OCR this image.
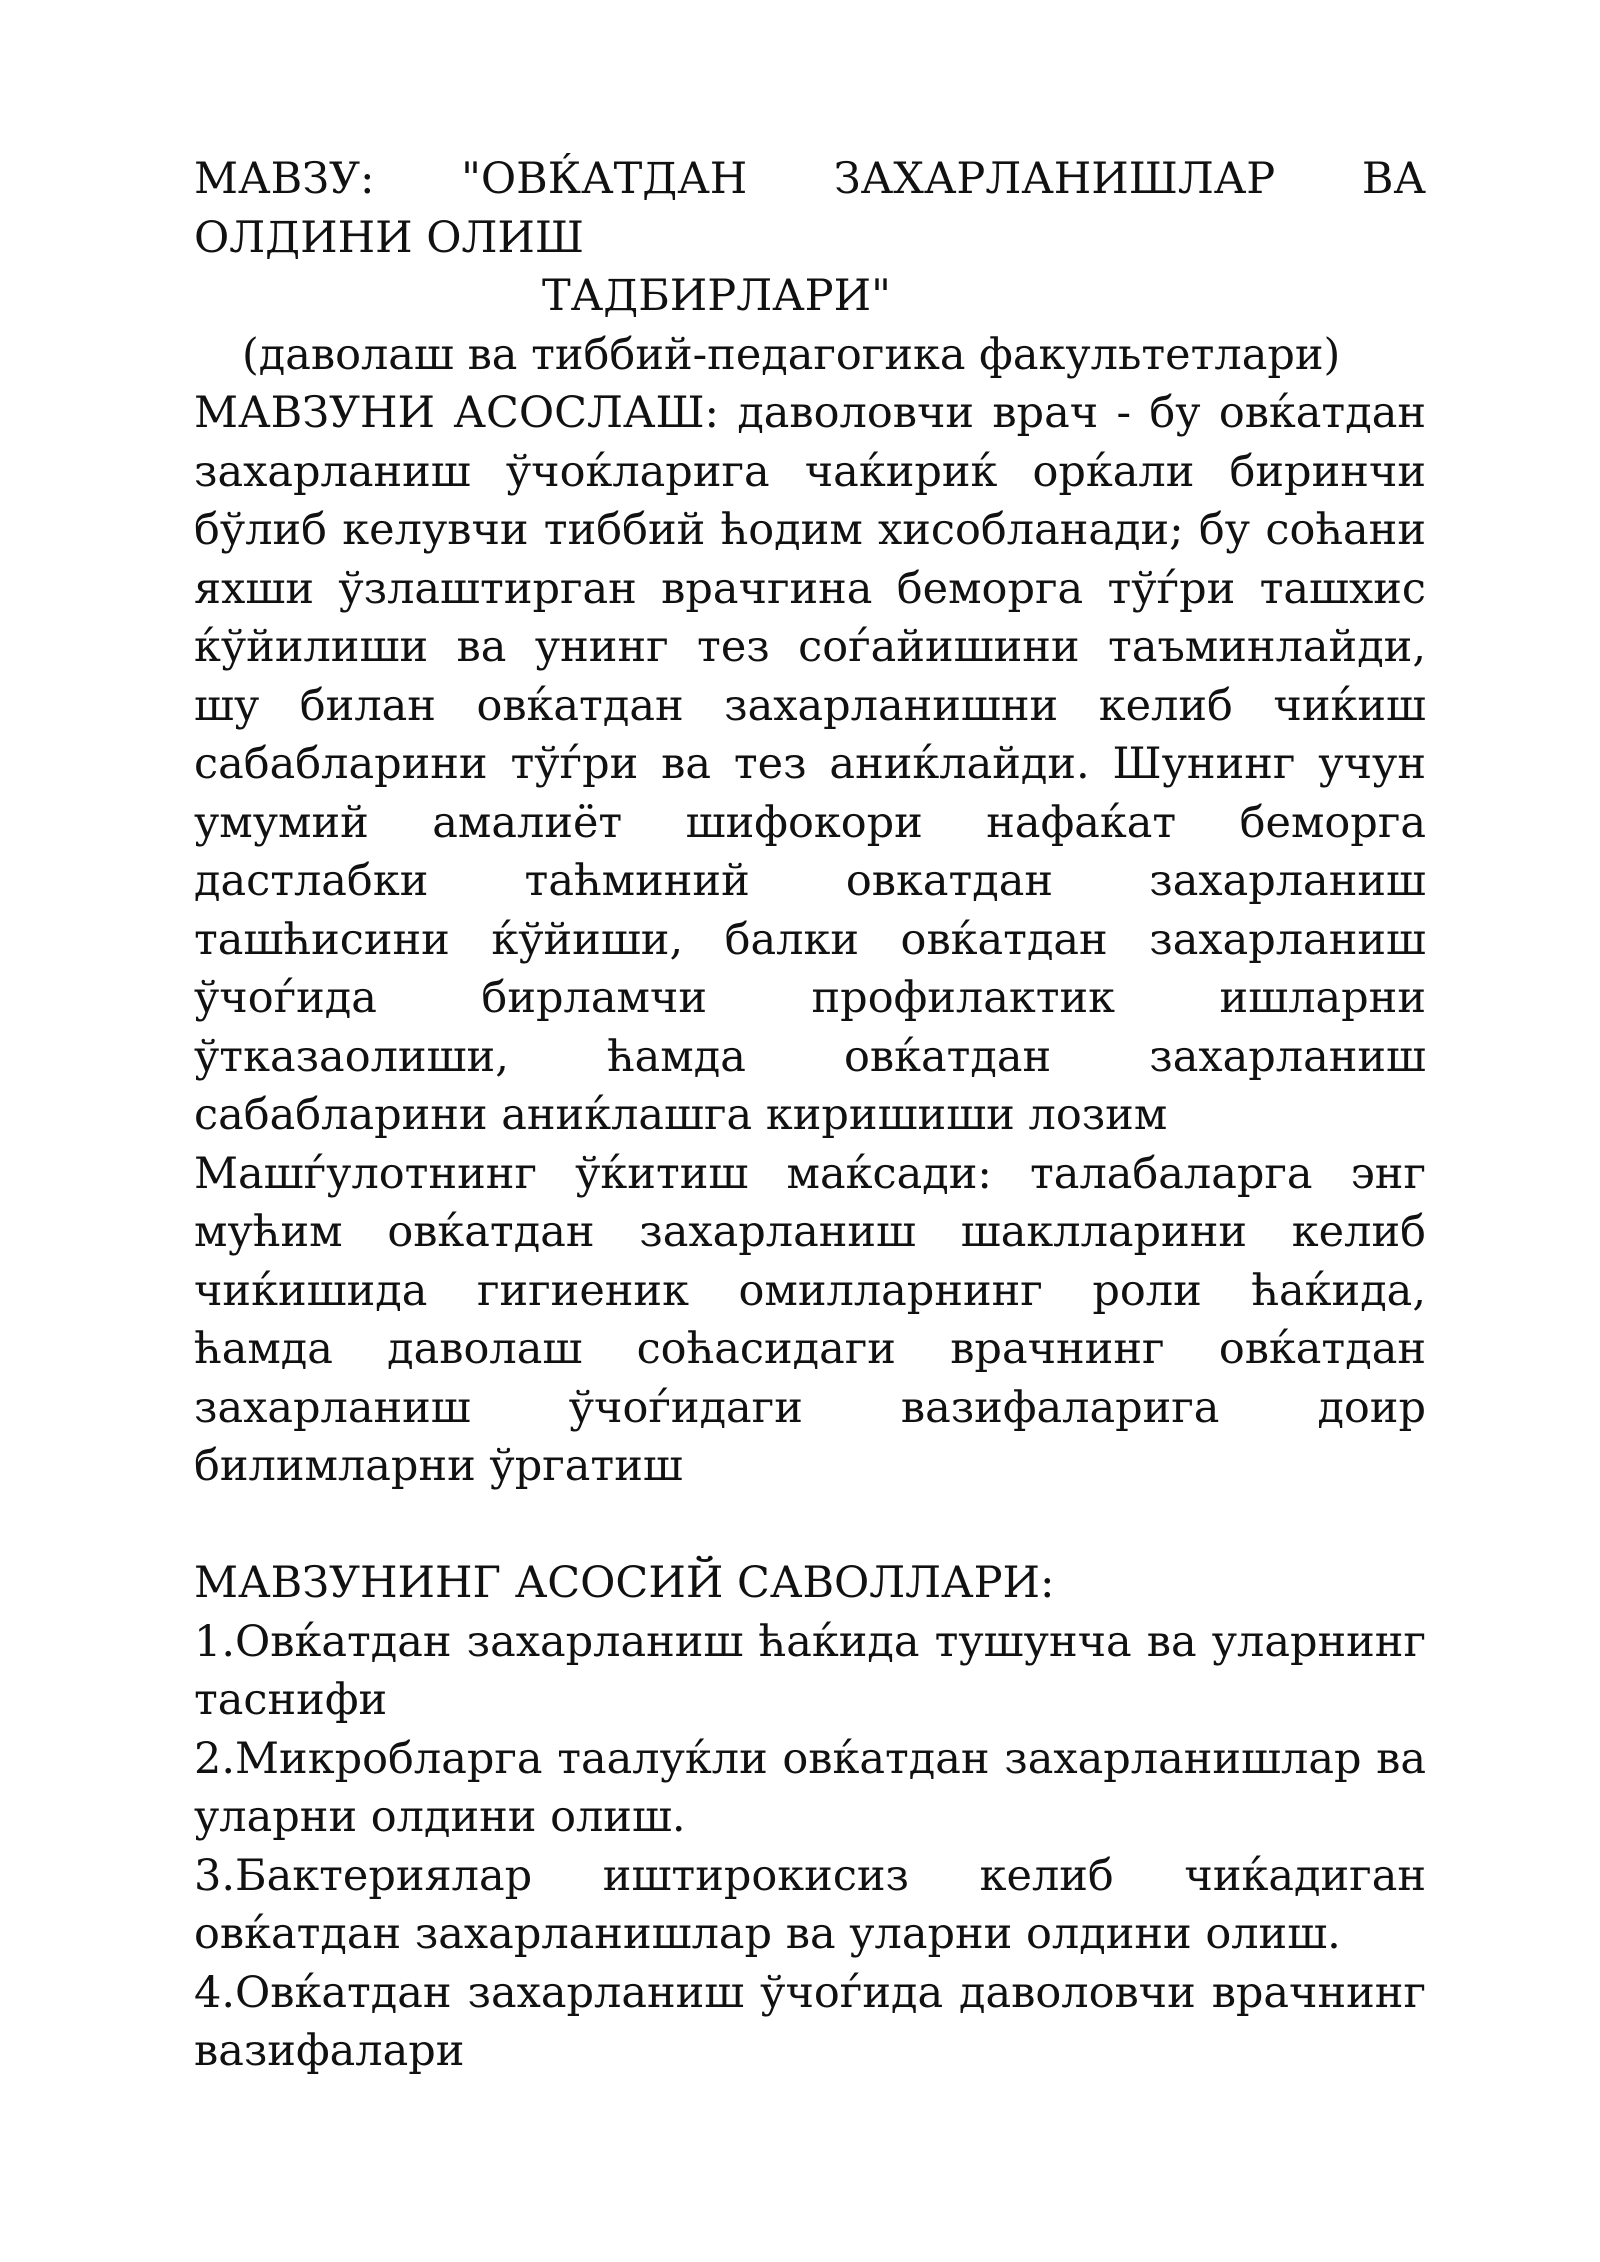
МАВЗУ: "ОВЌАТДАН ЗАХАРЛАНИШЛАР ВА ОЛДИНИ ОЛИШ

ТАДБИРЛАРИ"

(даволаш ва тиббий-педагогика факультетлари)

МАВЗУНИ АСОСЛАШ: даволовчи врач - бу овќатдан захарланиш ўчоќларига чаќириќ орќали биринчи бўлиб келувчи тиббий ћодим хисобланади; бу соћани яхши ўзлаштирган врачгина беморга тўѓри ташхис ќўйилиши ва унинг тез соѓайишини таъминлайди, шу билан овќатдан захарланишни келиб чиќиш сабабларини тўѓри ва тез аниќлайди. Шунинг учун умумий амалиёт шифокори нафаќат беморга дастлабки таћминий овкатдан захарланиш ташћисини ќўйиши, балки овќатдан захарланиш ўчоѓида бирламчи профилактик ишларни ўтказаолиши, ћамда овќатдан захарланиш сабабларини аниќлашга киришиши лозим

Машѓулотнинг ўќитиш маќсади: талабаларга энг мућим овќатдан захарланиш шаклларини келиб чиќишида гигиеник омилларнинг роли ћаќида, ћамда даволаш соћасидаги врачнинг овќатдан захарланиш ўчоѓидаги вазифаларига доир билимларни ўргатиш

МАВЗУНИНГ АСОСИЙ САВОЛЛАРИ:

1.Овќатдан захарланиш ћаќида тушунча ва уларнинг таснифи

2.Микробларга таалуќли овќатдан захарланишлар ва уларни олдини олиш.

3.Бактериялар иштирокисиз келиб чиќадиган овќатдан захарланишлар ва уларни олдини олиш.

4.Овќатдан захарланиш ўчоѓида даволовчи врачнинг вазифалари
